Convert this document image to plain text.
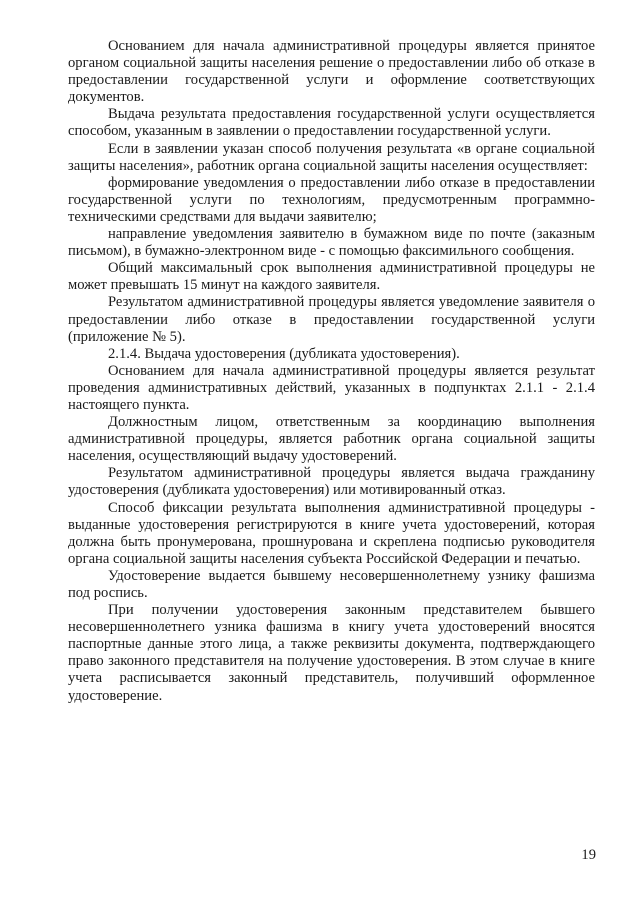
Основанием для начала административной процедуры является принятое органом социальной защиты населения решение о предоставлении либо об отказе в предоставлении государственной услуги и оформление соответствующих документов.

Выдача результата предоставления государственной услуги осуществляется способом, указанным в заявлении о предоставлении государственной услуги.

Если в заявлении указан способ получения результата «в органе социальной защиты населения», работник органа социальной защиты населения осуществляет:

формирование уведомления о предоставлении либо отказе в предоставлении государственной услуги по технологиям, предусмотренным программно-техническими средствами для выдачи заявителю;

направление уведомления заявителю в бумажном виде по почте (заказным письмом), в бумажно-электронном виде - с помощью факсимильного сообщения.

Общий максимальный срок выполнения административной процедуры не может превышать 15 минут на каждого заявителя.

Результатом административной процедуры является уведомление заявителя о предоставлении либо отказе в предоставлении государственной услуги (приложение № 5).

2.1.4. Выдача удостоверения (дубликата удостоверения).

Основанием для начала административной процедуры является результат проведения административных действий, указанных в подпунктах 2.1.1 - 2.1.4 настоящего пункта.

Должностным лицом, ответственным за координацию выполнения административной процедуры, является работник органа социальной защиты населения, осуществляющий выдачу удостоверений.

Результатом административной процедуры является выдача гражданину удостоверения (дубликата удостоверения) или мотивированный отказ.

Способ фиксации результата выполнения административной процедуры - выданные удостоверения регистрируются в книге учета удостоверений, которая должна быть пронумерована, прошнурована и скреплена подписью руководителя органа социальной защиты населения субъекта Российской Федерации и печатью.

Удостоверение выдается бывшему несовершеннолетнему узнику фашизма под роспись.

При получении удостоверения законным представителем бывшего несовершеннолетнего узника фашизма в книгу учета удостоверений вносятся паспортные данные этого лица, а также реквизиты документа, подтверждающего право законного представителя на получение удостоверения. В этом случае в книге учета расписывается законный представитель, получивший оформленное удостоверение.

19
